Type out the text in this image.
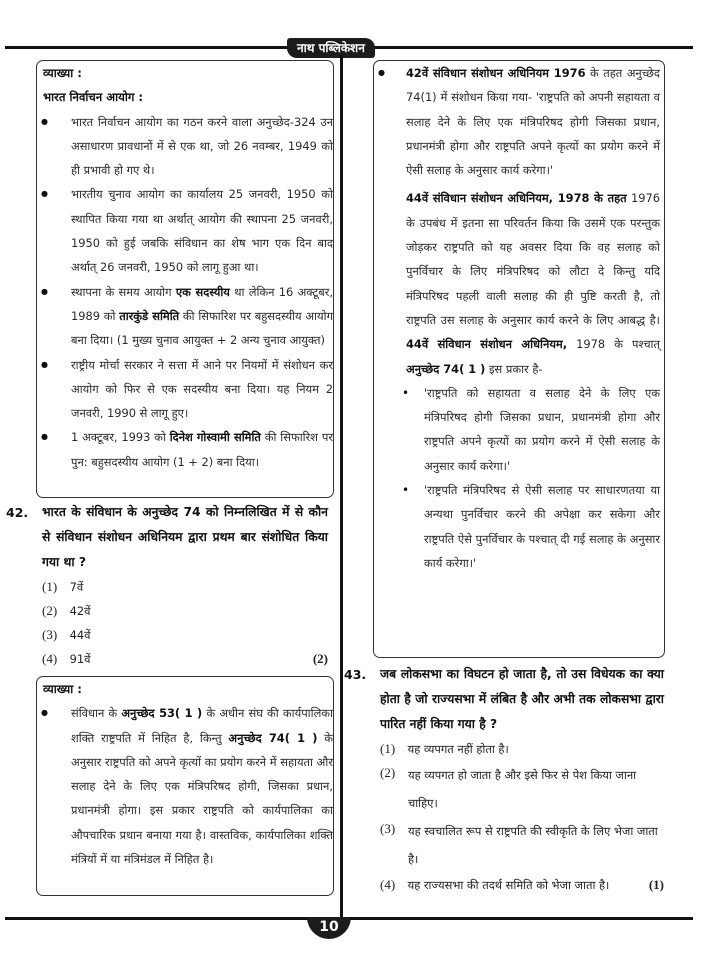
नाथ पब्लिकेशन
10
व्याख्या :
भारत निर्वाचन आयोग :
● भारत निर्वाचन आयोग का गठन करने वाला अनुच्छेद-324 उन असाधारण प्रावधानों में से एक था, जो 26 नवम्बर, 1949 को ही प्रभावी हो गए थे।
● भारतीय चुनाव आयोग का कार्यालय 25 जनवरी, 1950 को स्थापित किया गया था अर्थात् आयोग की स्थापना 25 जनवरी, 1950 को हुई जबकि संविधान का शेष भाग एक दिन बाद अर्थात् 26 जनवरी, 1950 को लागू हुआ था।
● स्थापना के समय आयोग एक सदस्यीय था लेकिन 16 अक्टूबर, 1989 को तारकुंडे समिति की सिफारिश पर बहुसदस्यीय आयोग बना दिया। (1 मुख्य चुनाव आयुक्त + 2 अन्य चुनाव आयुक्त)
● राष्ट्रीय मोर्चा सरकार ने सत्ता में आने पर नियमों में संशोधन कर आयोग को फिर से एक सदस्यीय बना दिया। यह नियम 2 जनवरी, 1990 से लागू हुए।
● 1 अक्टूबर, 1993 को दिनेश गोस्वामी समिति की सिफारिश पर पुन: बहुसदस्यीय आयोग (1 + 2) बना दिया।
42. भारत के संविधान के अनुच्छेद 74 को निम्नलिखित में से कौन से संविधान संशोधन अधिनियम द्वारा प्रथम बार संशोधित किया गया था ?
(1) 7वें
(2) 42वें
(3) 44वें
(4) 91वें	(2)
व्याख्या :
● संविधान के अनुच्छेद 53( 1 ) के अधीन संघ की कार्यपालिका शक्ति राष्ट्रपति में निहित है, किन्तु अनुच्छेद 74( 1 ) के अनुसार राष्ट्रपति को अपने कृत्यों का प्रयोग करने में सहायता और सलाह देने के लिए एक मंत्रिपरिषद होगी, जिसका प्रधान, प्रधानमंत्री होगा। इस प्रकार राष्ट्रपति को कार्यपालिका का औपचारिक प्रधान बनाया गया है। वास्तविक, कार्यपालिका शक्ति मंत्रियों में या मंत्रिमंडल में निहित है।
● 42वें संविधान संशोधन अधिनियम 1976 के तहत अनुच्छेद 74(1) में संशोधन किया गया- 'राष्ट्रपति को अपनी सहायता व सलाह देने के लिए एक मंत्रिपरिषद होगी जिसका प्रधान, प्रधानमंत्री होगा और राष्ट्रपति अपने कृत्यों का प्रयोग करने में ऐसी सलाह के अनुसार कार्य करेगा।'
44वें संविधान संशोधन अधिनियम, 1978 के तहत 1976 के उपबंध में इतना सा परिवर्तन किया कि उसमें एक परन्तुक जोड़कर राष्ट्रपति को यह अवसर दिया कि वह सलाह को पुनर्विचार के लिए मंत्रिपरिषद को लौटा दे किन्तु यदि मंत्रिपरिषद पहली वाली सलाह की ही पुष्टि करती है, तो राष्ट्रपति उस सलाह के अनुसार कार्य करने के लिए आबद्ध है। 44वें संविधान संशोधन अधिनियम, 1978 के पश्चात् अनुच्छेद 74( 1 ) इस प्रकार है-
• 'राष्ट्रपति को सहायता व सलाह देने के लिए एक मंत्रिपरिषद होगी जिसका प्रधान, प्रधानमंत्री होगा और राष्ट्रपति अपने कृत्यों का प्रयोग करने में ऐसी सलाह के अनुसार कार्य करेगा।'
• 'राष्ट्रपति मंत्रिपरिषद से ऐसी सलाह पर साधारणतया या अन्यथा पुनर्विचार करने की अपेक्षा कर सकेगा और राष्ट्रपति ऐसे पुनर्विचार के पश्चात् दी गई सलाह के अनुसार कार्य करेगा।'
43. जब लोकसभा का विघटन हो जाता है, तो उस विधेयक का क्या होता है जो राज्यसभा में लंबित है और अभी तक लोकसभा द्वारा पारित नहीं किया गया है ?
(1) यह व्यपगत नहीं होता है।
(2)	यह व्यपगत हो जाता है और इसे फिर से पेश किया जाना चाहिए।
(3)	यह स्वचालित रूप से राष्ट्रपति की स्वीकृति के लिए भेजा जाता है।
(4) यह राज्यसभा की तदर्थ समिति को भेजा जाता है।	(1)
